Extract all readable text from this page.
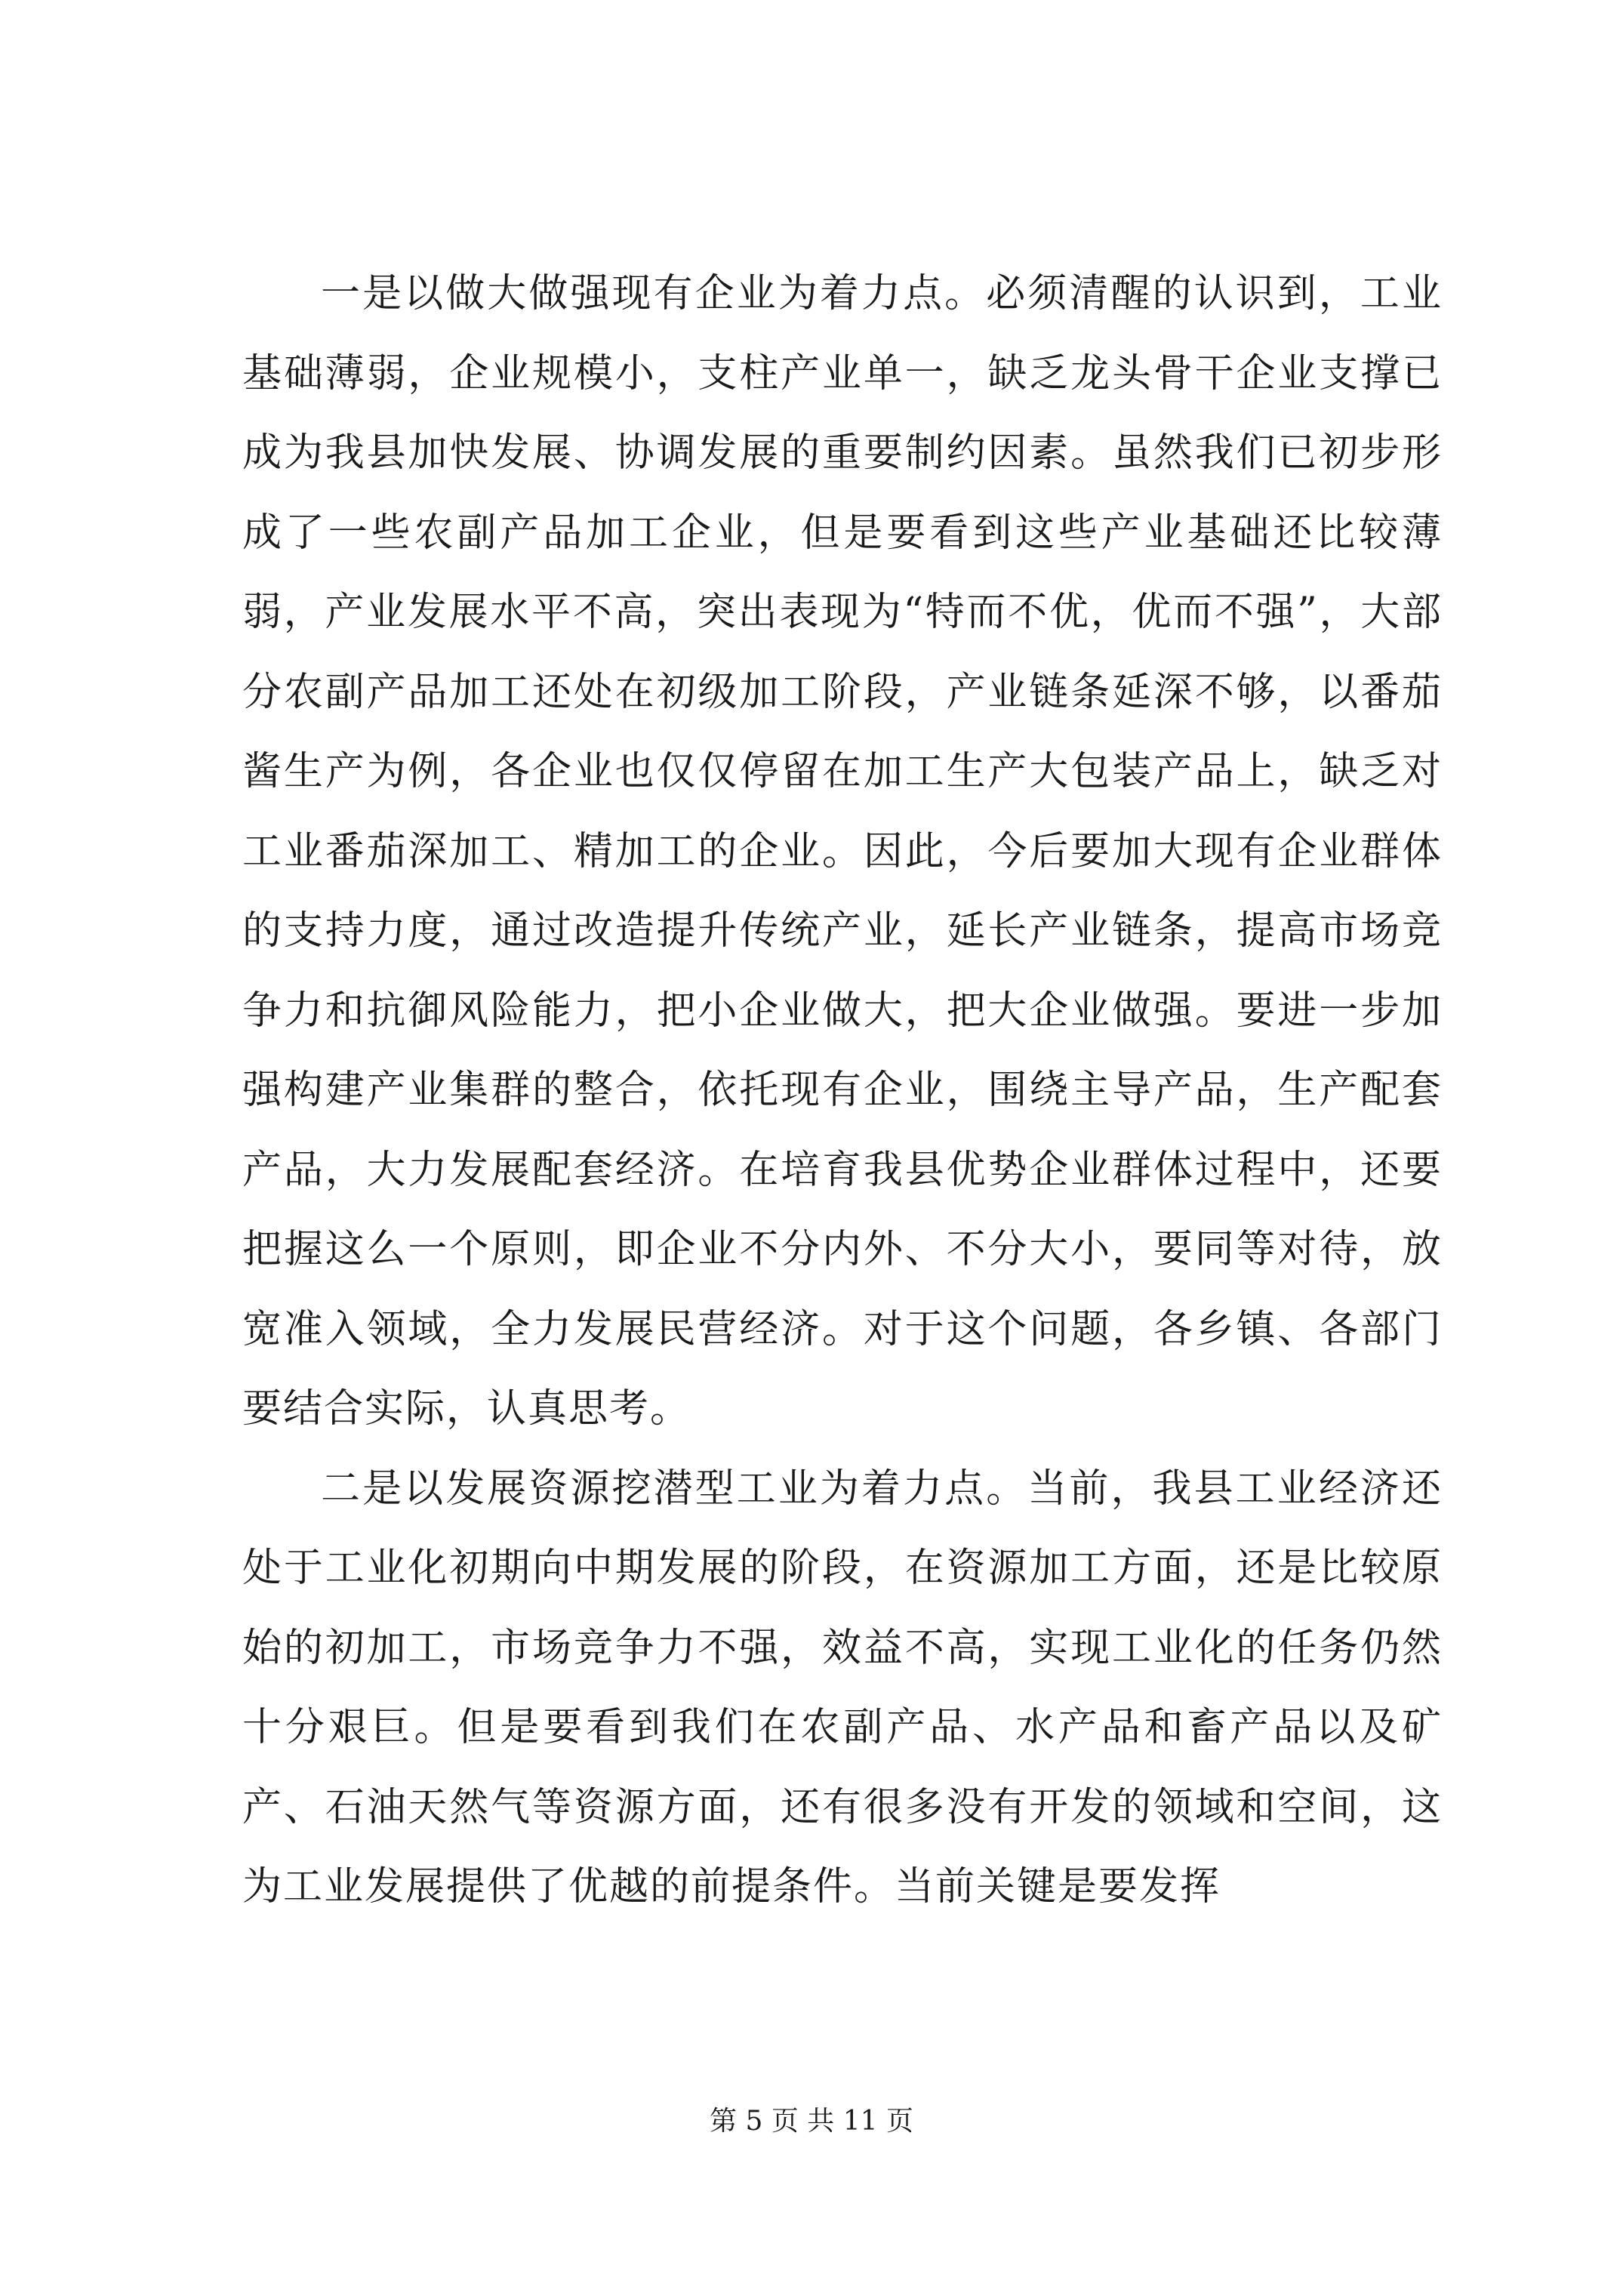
一是以做大做强现有企业为着力点。必须清醒的认识到，工业基础薄弱，企业规模小，支柱产业单一，缺乏龙头骨干企业支撑已成为我县加快发展、协调发展的重要制约因素。虽然我们已初步形成了一些农副产品加工企业，但是要看到这些产业基础还比较薄弱，产业发展水平不高，突出表现为“特而不优，优而不强”，大部分农副产品加工还处在初级加工阶段，产业链条延深不够，以番茄酱生产为例，各企业也仅仅停留在加工生产大包装产品上，缺乏对工业番茄深加工、精加工的企业。因此，今后要加大现有企业群体的支持力度，通过改造提升传统产业，延长产业链条，提高市场竞争力和抗御风险能力，把小企业做大，把大企业做强。要进一步加强构建产业集群的整合，依托现有企业，围绕主导产品，生产配套产品，大力发展配套经济。在培育我县优势企业群体过程中，还要把握这么一个原则，即企业不分内外、不分大小，要同等对待，放宽准入领域，全力发展民营经济。对于这个问题，各乡镇、各部门要结合实际，认真思考。

二是以发展资源挖潜型工业为着力点。当前，我县工业经济还处于工业化初期向中期发展的阶段，在资源加工方面，还是比较原始的初加工，市场竞争力不强，效益不高，实现工业化的任务仍然十分艰巨。但是要看到我们在农副产品、水产品和畜产品以及矿产、石油天然气等资源方面，还有很多没有开发的领域和空间，这为工业发展提供了优越的前提条件。当前关键是要发挥

第 5 页 共 11 页
